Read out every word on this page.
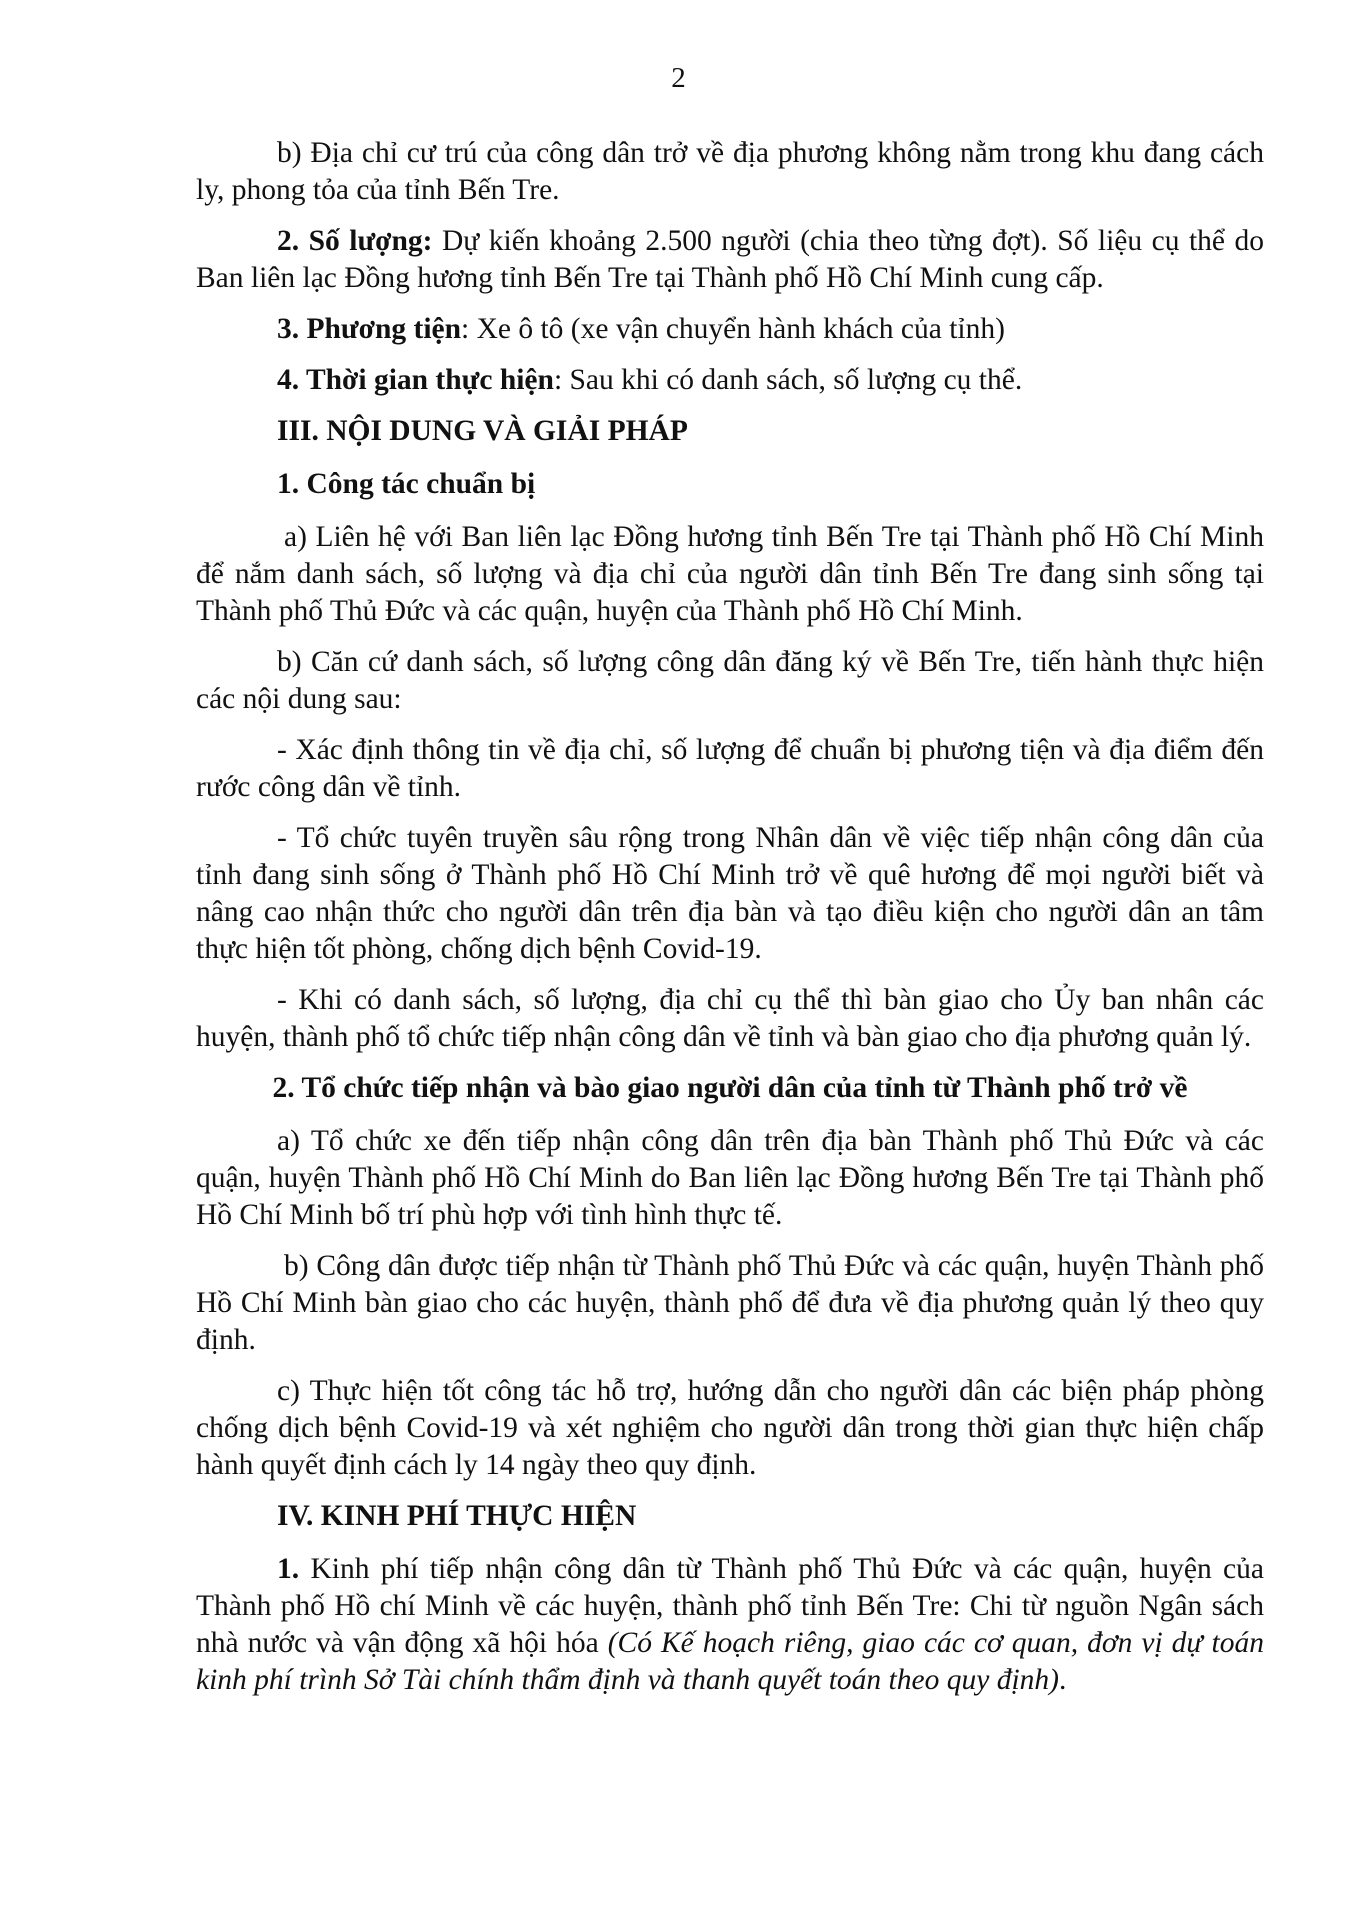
2

b) Địa chỉ cư trú của công dân trở về địa phương không nằm trong khu đang cách ly, phong tỏa của tỉnh Bến Tre.

2. Số lượng: Dự kiến khoảng 2.500 người (chia theo từng đợt). Số liệu cụ thể do Ban liên lạc Đồng hương tỉnh Bến Tre tại Thành phố Hồ Chí Minh cung cấp.

3. Phương tiện: Xe ô tô (xe vận chuyển hành khách của tỉnh)

4. Thời gian thực hiện: Sau khi có danh sách, số lượng cụ thể.

III. NỘI DUNG VÀ GIẢI PHÁP

1. Công tác chuẩn bị

a) Liên hệ với Ban liên lạc Đồng hương tỉnh Bến Tre tại Thành phố Hồ Chí Minh để nắm danh sách, số lượng và địa chỉ của người dân tỉnh Bến Tre đang sinh sống tại Thành phố Thủ Đức và các quận, huyện của Thành phố Hồ Chí Minh.

b) Căn cứ danh sách, số lượng công dân đăng ký về Bến Tre, tiến hành thực hiện các nội dung sau:

- Xác định thông tin về địa chỉ, số lượng để chuẩn bị phương tiện và địa điểm đến rước công dân về tỉnh.

- Tổ chức tuyên truyền sâu rộng trong Nhân dân về việc tiếp nhận công dân của tỉnh đang sinh sống ở Thành phố Hồ Chí Minh trở về quê hương để mọi người biết và nâng cao nhận thức cho người dân trên địa bàn và tạo điều kiện cho người dân an tâm thực hiện tốt phòng, chống dịch bệnh Covid-19.

- Khi có danh sách, số lượng, địa chỉ cụ thể thì bàn giao cho Ủy ban nhân các huyện, thành phố tổ chức tiếp nhận công dân về tỉnh và bàn giao cho địa phương quản lý.

2. Tổ chức tiếp nhận và bào giao người dân của tỉnh từ Thành phố trở về

a) Tổ chức xe đến tiếp nhận công dân trên địa bàn Thành phố Thủ Đức và các quận, huyện Thành phố Hồ Chí Minh do Ban liên lạc Đồng hương Bến Tre tại Thành phố Hồ Chí Minh bố trí phù hợp với tình hình thực tế.

b) Công dân được tiếp nhận từ Thành phố Thủ Đức và các quận, huyện Thành phố Hồ Chí Minh bàn giao cho các huyện, thành phố để đưa về địa phương quản lý theo quy định.

c) Thực hiện tốt công tác hỗ trợ, hướng dẫn cho người dân các biện pháp phòng chống dịch bệnh Covid-19 và xét nghiệm cho người dân trong thời gian thực hiện chấp hành quyết định cách ly 14 ngày theo quy định.

IV. KINH PHÍ THỰC HIỆN

1. Kinh phí tiếp nhận công dân từ Thành phố Thủ Đức và các quận, huyện của Thành phố Hồ chí Minh về các huyện, thành phố tỉnh Bến Tre: Chi từ nguồn Ngân sách nhà nước và vận động xã hội hóa (Có Kế hoạch riêng, giao các cơ quan, đơn vị dự toán kinh phí trình Sở Tài chính thẩm định và thanh quyết toán theo quy định).
